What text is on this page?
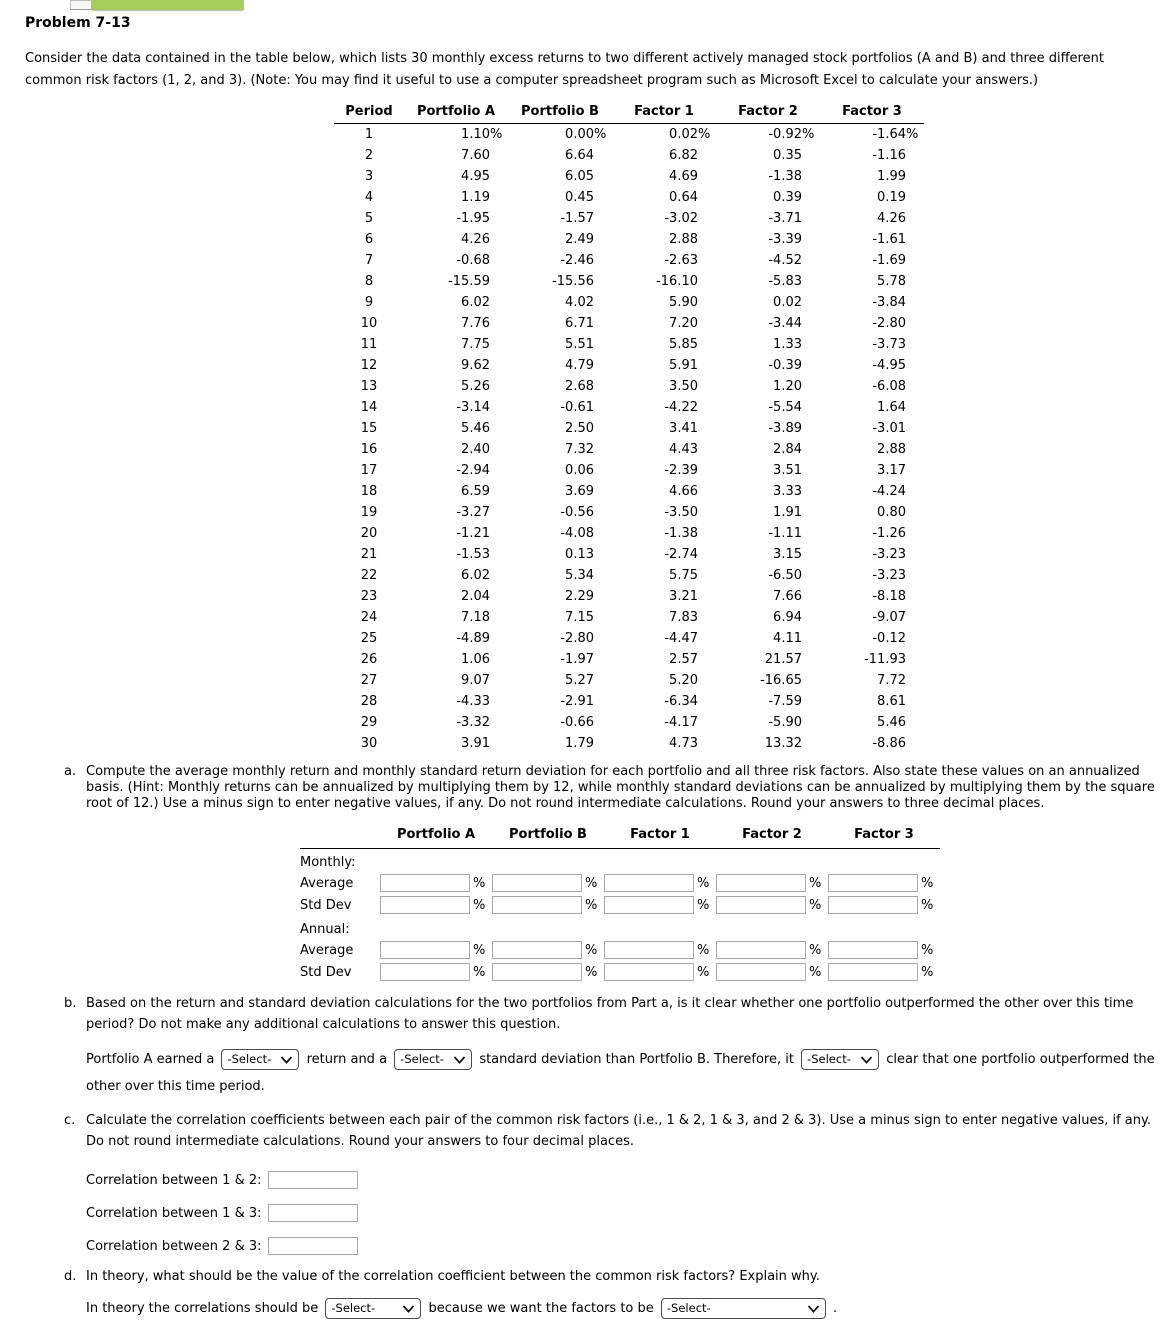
Problem 7-13
Consider the data contained in the table below, which lists 30 monthly excess returns to two different actively managed stock portfolios (A and B) and three different common risk factors (1, 2, and 3). (Note: You may find it useful to use a computer spreadsheet program such as Microsoft Excel to calculate your answers.)
Period	Portfolio A	Portfolio B	Factor 1	Factor 2	Factor 3
1	1.10%	0.00%	0.02%	-0.92%	-1.64%
2	7.60	6.64	6.82	0.35	-1.16
3	4.95	6.05	4.69	-1.38	1.99
4	1.19	0.45	0.64	0.39	0.19
5	-1.95	-1.57	-3.02	-3.71	4.26
6	4.26	2.49	2.88	-3.39	-1.61
7	-0.68	-2.46	-2.63	-4.52	-1.69
8	-15.59	-15.56	-16.10	-5.83	5.78
9	6.02	4.02	5.90	0.02	-3.84
10	7.76	6.71	7.20	-3.44	-2.80
11	7.75	5.51	5.85	1.33	-3.73
12	9.62	4.79	5.91	-0.39	-4.95
13	5.26	2.68	3.50	1.20	-6.08
14	-3.14	-0.61	-4.22	-5.54	1.64
15	5.46	2.50	3.41	-3.89	-3.01
16	2.40	7.32	4.43	2.84	2.88
17	-2.94	0.06	-2.39	3.51	3.17
18	6.59	3.69	4.66	3.33	-4.24
19	-3.27	-0.56	-3.50	1.91	0.80
20	-1.21	-4.08	-1.38	-1.11	-1.26
21	-1.53	0.13	-2.74	3.15	-3.23
22	6.02	5.34	5.75	-6.50	-3.23
23	2.04	2.29	3.21	7.66	-8.18
24	7.18	7.15	7.83	6.94	-9.07
25	-4.89	-2.80	-4.47	4.11	-0.12
26	1.06	-1.97	2.57	21.57	-11.93
27	9.07	5.27	5.20	-16.65	7.72
28	-4.33	-2.91	-6.34	-7.59	8.61
29	-3.32	-0.66	-4.17	-5.90	5.46
30	3.91	1.79	4.73	13.32	-8.86
a. Compute the average monthly return and monthly standard return deviation for each portfolio and all three risk factors. Also state these values on an annualized basis. (Hint: Monthly returns can be annualized by multiplying them by 12, while monthly standard deviations can be annualized by multiplying them by the square root of 12.) Use a minus sign to enter negative values, if any. Do not round intermediate calculations. Round your answers to three decimal places.
	Portfolio A	Portfolio B	Factor 1	Factor 2	Factor 3
Monthly:					
Average	%	%	%	%	%
Std Dev	%	%	%	%	%
Annual:					
Average	%	%	%	%	%
Std Dev	%	%	%	%	%
b. Based on the return and standard deviation calculations for the two portfolios from Part a, is it clear whether one portfolio outperformed the other over this time period? Do not make any additional calculations to answer this question.
Portfolio A earned a -Select-	return and a -Select-	standard deviation than Portfolio B. Therefore, it -Select-	clear that one portfolio outperformed the other over this time period.
c. Calculate the correlation coefficients between each pair of the common risk factors (i.e., 1 & 2, 1 & 3, and 2 & 3). Use a minus sign to enter negative values, if any. Do not round intermediate calculations. Round your answers to four decimal places.
Correlation between 1 & 2:
Correlation between 1 & 3:
Correlation between 2 & 3:
d. In theory, what should be the value of the correlation coefficient between the common risk factors? Explain why.
In theory the correlations should be -Select-	because we want the factors to be -Select-	.
